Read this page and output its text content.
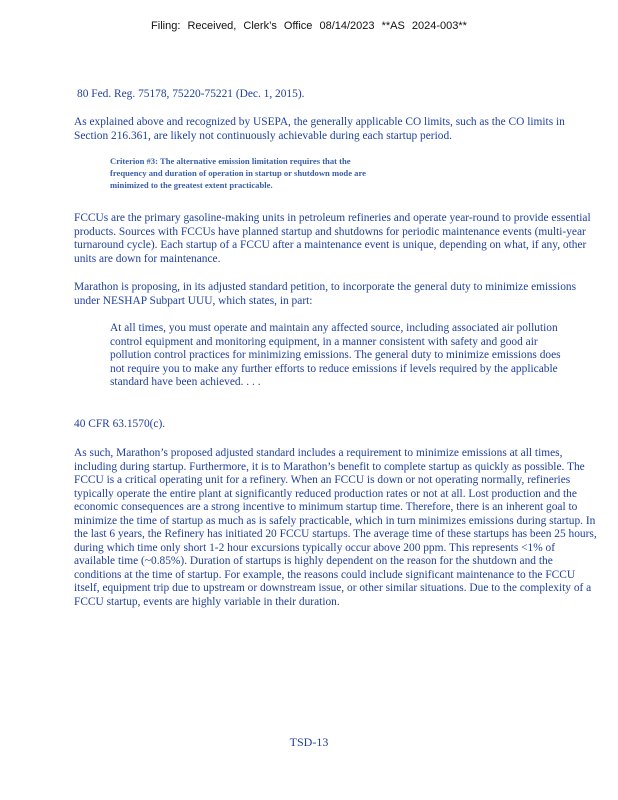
Filing: Received, Clerk’s Office 08/14/2023 **AS 2024-003**

80 Fed. Reg. 75178, 75220-75221 (Dec. 1, 2015).

As explained above and recognized by USEPA, the generally applicable CO limits, such as the CO limits in Section 216.361, are likely not continuously achievable during each startup period.

Criterion #3: The alternative emission limitation requires that the frequency and duration of operation in startup or shutdown mode are minimized to the greatest extent practicable.

FCCUs are the primary gasoline-making units in petroleum refineries and operate year-round to provide essential products. Sources with FCCUs have planned startup and shutdowns for periodic maintenance events (multi-year turnaround cycle). Each startup of a FCCU after a maintenance event is unique, depending on what, if any, other units are down for maintenance.

Marathon is proposing, in its adjusted standard petition, to incorporate the general duty to minimize emissions under NESHAP Subpart UUU, which states, in part:

At all times, you must operate and maintain any affected source, including associated air pollution control equipment and monitoring equipment, in a manner consistent with safety and good air pollution control practices for minimizing emissions. The general duty to minimize emissions does not require you to make any further efforts to reduce emissions if levels required by the applicable standard have been achieved. . . .

40 CFR 63.1570(c).

As such, Marathon’s proposed adjusted standard includes a requirement to minimize emissions at all times, including during startup. Furthermore, it is to Marathon’s benefit to complete startup as quickly as possible. The FCCU is a critical operating unit for a refinery. When an FCCU is down or not operating normally, refineries typically operate the entire plant at significantly reduced production rates or not at all. Lost production and the economic consequences are a strong incentive to minimum startup time. Therefore, there is an inherent goal to minimize the time of startup as much as is safely practicable, which in turn minimizes emissions during startup. In the last 6 years, the Refinery has initiated 20 FCCU startups. The average time of these startups has been 25 hours, during which time only short 1-2 hour excursions typically occur above 200 ppm. This represents <1% of available time (~0.85%). Duration of startups is highly dependent on the reason for the shutdown and the conditions at the time of startup. For example, the reasons could include significant maintenance to the FCCU itself, equipment trip due to upstream or downstream issue, or other similar situations. Due to the complexity of a FCCU startup, events are highly variable in their duration.

TSD-13
